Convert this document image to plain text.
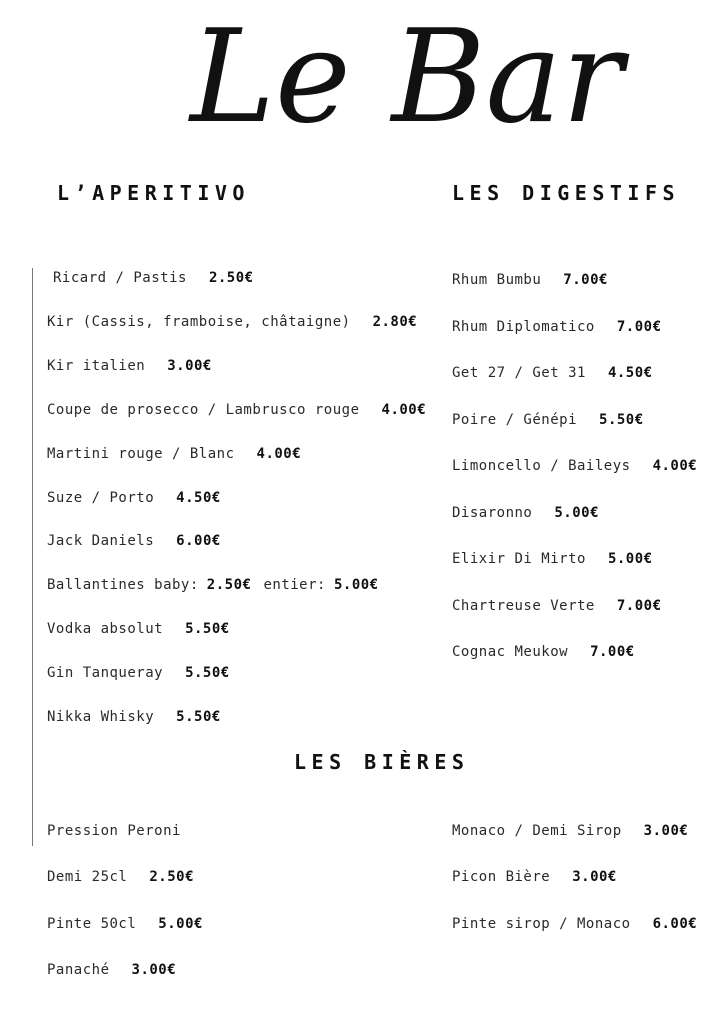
Le Bar
L’APERITIVO	LES DIGESTIFS
LES BIÈRES
Ricard / Pastis 2.50€
Kir (Cassis, framboise, châtaigne) 2.80€
Kir italien 3.00€
Coupe de prosecco / Lambrusco rouge 4.00€
Martini rouge / Blanc 4.00€
Suze / Porto 4.50€
Jack Daniels 6.00€
Ballantines baby: 2.50€ entier: 5.00€
Vodka absolut 5.50€
Gin Tanqueray 5.50€
Nikka Whisky 5.50€
Rhum Bumbu 7.00€
Rhum Diplomatico 7.00€
Get 27 / Get 31 4.50€
Poire / Génépi 5.50€
Limoncello / Baileys 4.00€
Disaronno 5.00€
Elixir Di Mirto 5.00€
Chartreuse Verte 7.00€
Cognac Meukow 7.00€
Pression Peroni
Demi 25cl 2.50€
Pinte 50cl 5.00€
Panaché 3.00€
Monaco / Demi Sirop 3.00€
Picon Bière 3.00€
Pinte sirop / Monaco 6.00€
